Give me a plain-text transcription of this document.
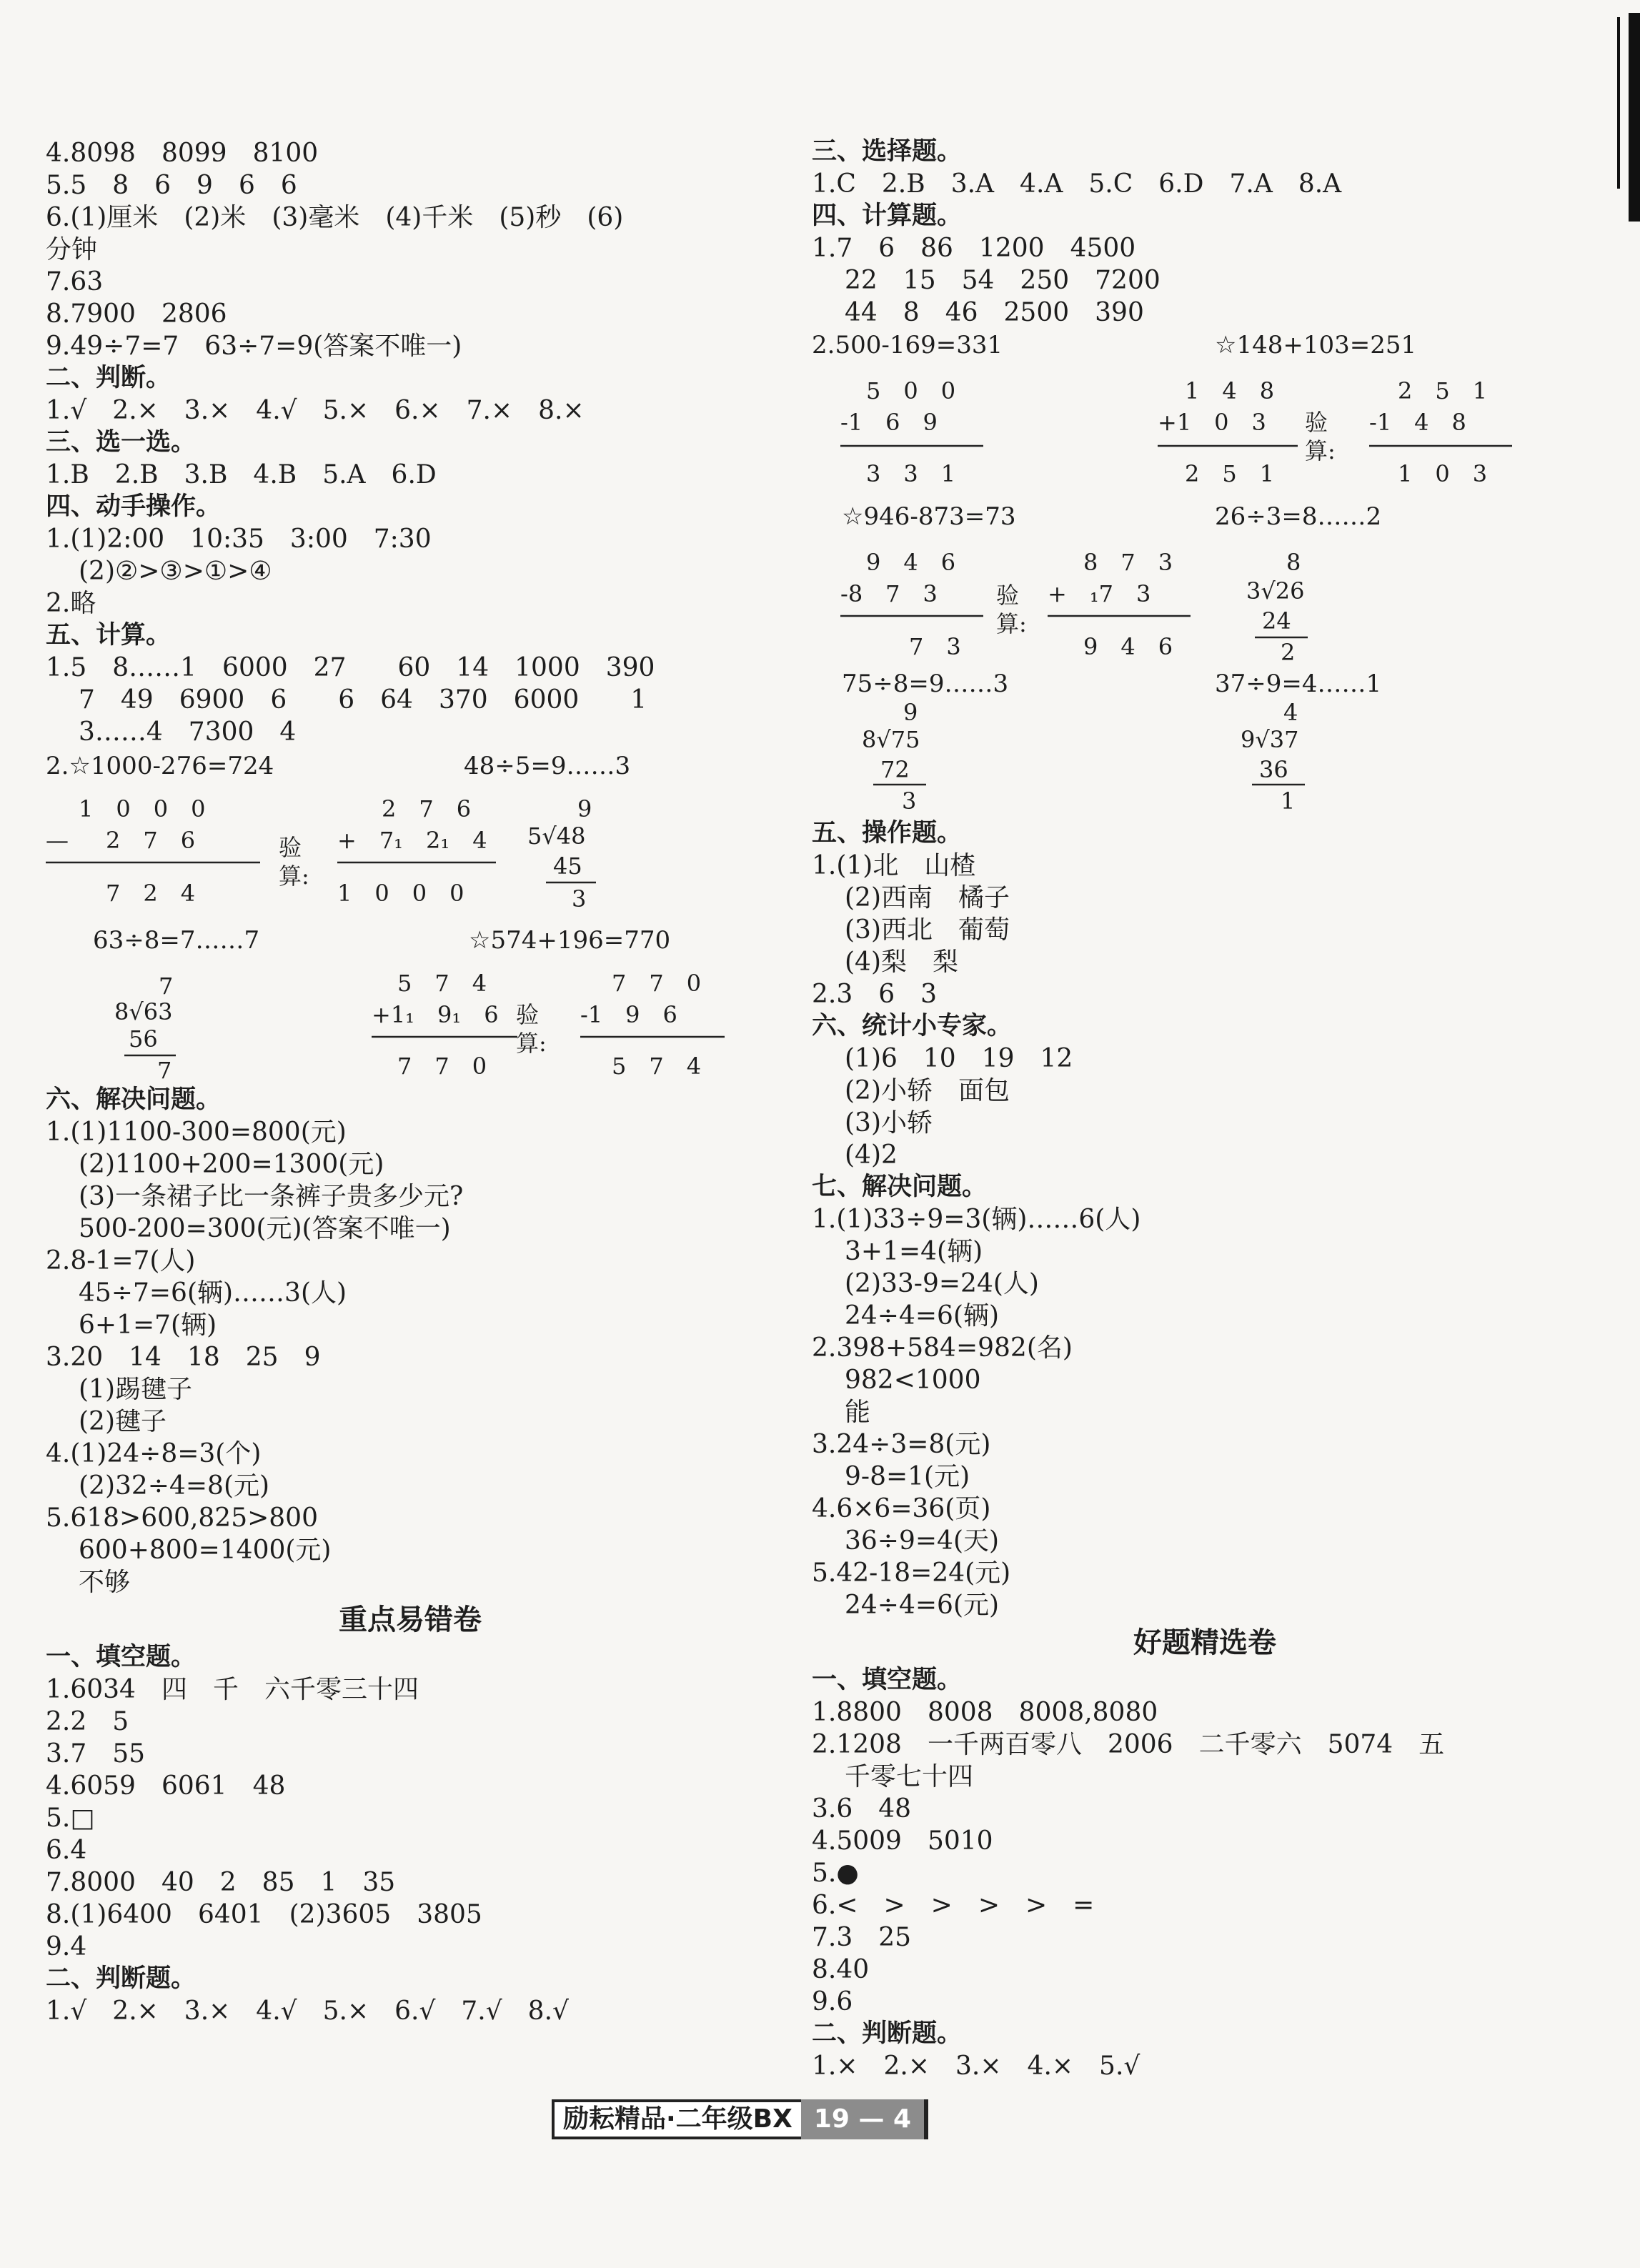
4.8098　8099　8100
5.5　8　6　9　6　6
6.(1)厘米　(2)米　(3)毫米　(4)千米　(5)秒　(6)
分钟
7.63
8.7900　2806
9.49÷7=7　63÷7=9(答案不唯一)
二、判断。
1.√　2.×　3.×　4.√　5.×　6.×　7.×　8.×
三、选一选。
1.B　2.B　3.B　4.B　5.A　6.D
四、动手操作。
1.(1)2:00　10:35　3:00　7:30
(2)②>③>①>④
2.略
五、计算。
1.5　8……1　6000　27　　60　14　1000　390
7　49　6900　6　　6　64　370　6000　　1
3……4　7300　4
2.☆1000-276=724	48÷5=9……3
1　0　0　0
— 2　7　6
7　2　4
验
算:
2　7　6
+　7₁　2₁　4
1　0　0　0
9
5√48
45
3
63÷8=7……7	☆574+196=770
7
8√63
56
7
5　7　4
+1₁　9₁　6
7　7　0
验
算:
7　7　0
-1　9　6
5　7　4
六、解决问题。
1.(1)1100-300=800(元)
(2)1100+200=1300(元)
(3)一条裙子比一条裤子贵多少元?
500-200=300(元)(答案不唯一)
2.8-1=7(人)
45÷7=6(辆)……3(人)
6+1=7(辆)
3.20　14　18　25　9
(1)踢毽子
(2)毽子
4.(1)24÷8=3(个)
(2)32÷4=8(元)
5.618>600,825>800
600+800=1400(元)
不够
重点易错卷
一、填空题。
1.6034　四　千　六千零三十四
2.2　5
3.7　55
4.6059　6061　48
5.□
6.4
7.8000　40　2　85　1　35
8.(1)6400　6401　(2)3605　3805
9.4
二、判断题。
1.√　2.×　3.×　4.√　5.×　6.√　7.√　8.√
三、选择题。
1.C　2.B　3.A　4.A　5.C　6.D　7.A　8.A
四、计算题。
1.7　6　86　1200　4500
22　15　54　250　7200
44　8　46　2500　390
2.500-169=331	☆148+103=251
5　0　0
-1　6　9
3　3　1
1　4　8
+1　0　3
2　5　1
验
算:
2　5　1
-1　4　8
1　0　3
☆946-873=73	26÷3=8……2
9　4　6
-8　7　3
7　3
验
算:
8　7　3
+　₁7　3
9　4　6
8
3√26
24
2
75÷8=9……3	37÷9=4……1
9
8√75
72
3
4
9√37
36
1
五、操作题。
1.(1)北　山楂
(2)西南　橘子
(3)西北　葡萄
(4)梨　梨
2.3　6　3
六、统计小专家。
(1)6　10　19　12
(2)小轿　面包
(3)小轿
(4)2
七、解决问题。
1.(1)33÷9=3(辆)……6(人)
3+1=4(辆)
(2)33-9=24(人)
24÷4=6(辆)
2.398+584=982(名)
982<1000
能
3.24÷3=8(元)
9-8=1(元)
4.6×6=36(页)
36÷9=4(天)
5.42-18=24(元)
24÷4=6(元)
好题精选卷
一、填空题。
1.8800　8008　8008,8080
2.1208　一千两百零八　2006　二千零六　5074　五
千零七十四
3.6　48
4.5009　5010
5.●
6.<　>　>　>　>　=
7.3　25
8.40
9.6
二、判断题。
1.×　2.×　3.×　4.×　5.√
励耘精品·二年级BX 19 — 4
